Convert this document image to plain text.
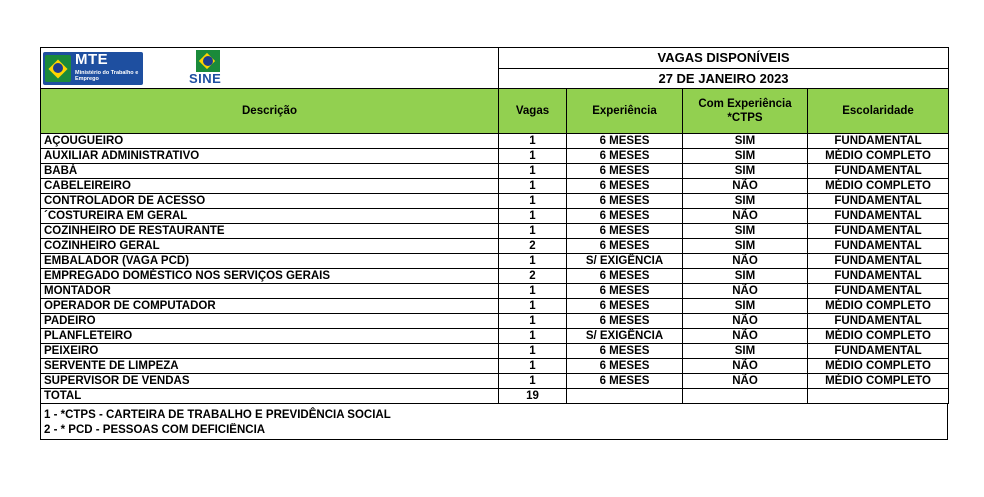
MTE
Ministério do Trabalho e Emprego SINE	VAGAS DISPONÍVEIS			
	27 DE JANEIRO 2023			
Descrição	Vagas	Experiência	Com Experiência *CTPS	Escolaridade
AÇOUGUEIRO	1	6 MESES	SIM	FUNDAMENTAL
AUXILIAR ADMINISTRATIVO	1	6 MESES	SIM	MÉDIO COMPLETO
BABÁ	1	6 MESES	SIM	FUNDAMENTAL
CABELEIREIRO	1	6 MESES	NÃO	MÉDIO COMPLETO
CONTROLADOR DE ACESSO	1	6 MESES	SIM	FUNDAMENTAL
´COSTUREIRA EM GERAL	1	6 MESES	NÃO	FUNDAMENTAL
COZINHEIRO DE RESTAURANTE	1	6 MESES	SIM	FUNDAMENTAL
COZINHEIRO GERAL	2	6 MESES	SIM	FUNDAMENTAL
EMBALADOR (VAGA PCD)	1	S/ EXIGÊNCIA	NÃO	FUNDAMENTAL
EMPREGADO DOMÉSTICO NOS SERVIÇOS GERAIS	2	6 MESES	SIM	FUNDAMENTAL
MONTADOR	1	6 MESES	NÃO	FUNDAMENTAL
OPERADOR DE COMPUTADOR	1	6 MESES	SIM	MÉDIO COMPLETO
PADEIRO	1	6 MESES	NÃO	FUNDAMENTAL
PLANFLETEIRO	1	S/ EXIGÊNCIA	NÃO	MÉDIO COMPLETO
PEIXEIRO	1	6 MESES	SIM	FUNDAMENTAL
SERVENTE DE LIMPEZA	1	6 MESES	NÃO	MÉDIO COMPLETO
SUPERVISOR DE VENDAS	1	6 MESES	NÃO	MÉDIO COMPLETO
TOTAL	19			
1 - *CTPS - CARTEIRA DE TRABALHO E PREVIDÊNCIA SOCIAL
2 - * PCD - PESSOAS COM DEFICIÊNCIA
